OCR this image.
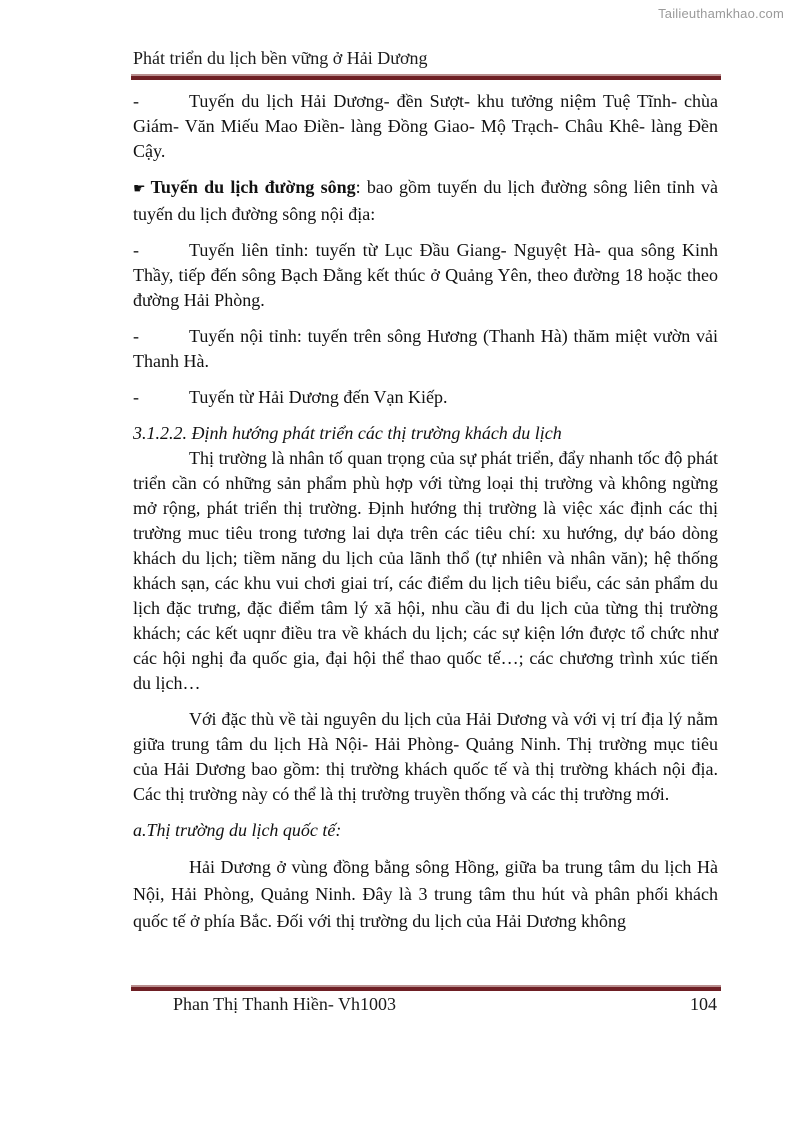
Tailieuthamkhao.com
Phát triển du lịch bền vững ở Hải Dương

-	Tuyến du lịch Hải Dương- đền Sượt- khu tưởng niệm Tuệ Tĩnh- chùa Giám- Văn Miếu Mao Điền- làng Đồng Giao- Mộ Trạch- Châu Khê- làng Đền Cậy.

☛ Tuyến du lịch đường sông: bao gồm tuyến du lịch đường sông liên tỉnh và tuyến du lịch đường sông nội địa:

-	Tuyến liên tỉnh: tuyến từ Lục Đầu Giang- Nguyệt Hà- qua sông Kinh Thầy, tiếp đến sông Bạch Đằng kết thúc ở Quảng Yên, theo đường 18 hoặc theo đường Hải Phòng.

-	Tuyến nội tỉnh: tuyến trên sông Hương (Thanh Hà) thăm miệt vườn vải Thanh Hà.

-	Tuyến từ Hải Dương đến Vạn Kiếp.

3.1.2.2. Định hướng phát triển các thị trường khách du lịch

Thị trường là nhân tố quan trọng của sự phát triển, đẩy nhanh tốc độ phát triển cần có những sản phẩm phù hợp với từng loại thị trường và không ngừng mở rộng, phát triển thị trường. Định hướng thị trường là việc xác định các thị trường muc tiêu trong tương lai dựa trên các tiêu chí: xu hướng, dự báo dòng khách du lịch; tiềm năng du lịch của lãnh thổ (tự nhiên và nhân văn); hệ thống khách sạn, các khu vui chơi giai trí, các điểm du lịch tiêu biểu, các sản phẩm du lịch đặc trưng, đặc điểm tâm lý xã hội, nhu cầu đi du lịch của từng thị trường khách; các kết uqnr điều tra về khách du lịch; các sự kiện lớn được tổ chức như các hội nghị đa quốc gia, đại hội thể thao quốc tế…; các chương trình xúc tiến du lịch…

Với đặc thù về tài nguyên du lịch của Hải Dương và với vị trí địa lý nằm giữa trung tâm du lịch Hà Nội- Hải Phòng- Quảng Ninh. Thị trường mục tiêu của Hải Dương bao gồm: thị trường khách quốc tế và thị trường khách nội địa. Các thị trường này có thể là thị trường truyền thống và các thị trường mới.

a.Thị trường du lịch quốc tế:

Hải Dương ở vùng đồng bằng sông Hồng, giữa ba trung tâm du lịch Hà Nội, Hải Phòng, Quảng Ninh. Đây là 3 trung tâm thu hút và phân phối khách quốc tế ở phía Bắc. Đối với thị trường du lịch của Hải Dương không

Phan Thị Thanh Hiền- Vh1003	104
